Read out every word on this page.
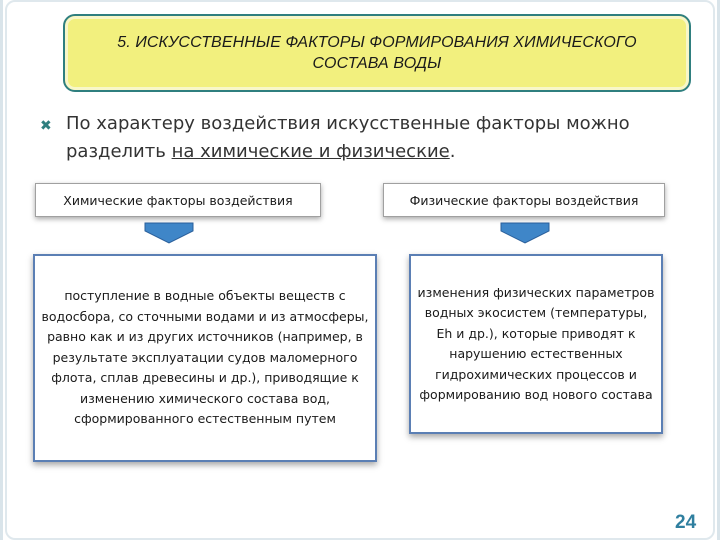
5. ИСКУССТВЕННЫЕ ФАКТОРЫ ФОРМИРОВАНИЯ ХИМИЧЕСКОГО
СОСТАВА ВОДЫ
✖ По характеру воздействия искусственные факторы можно разделить на химические и физические.
Химические факторы воздействия	Физические факторы воздействия
поступление в водные объекты веществ с водосбора, со сточными водами и из атмосферы, равно как и из других источников (например, в результате эксплуатации судов маломерного флота, сплав древесины и др.), приводящие к изменению химического состава вод, сформированного естественным путем
изменения физических параметров водных экосистем (температуры, Eh и др.), которые приводят к нарушению естественных гидрохимических процессов и формированию вод нового состава
24
